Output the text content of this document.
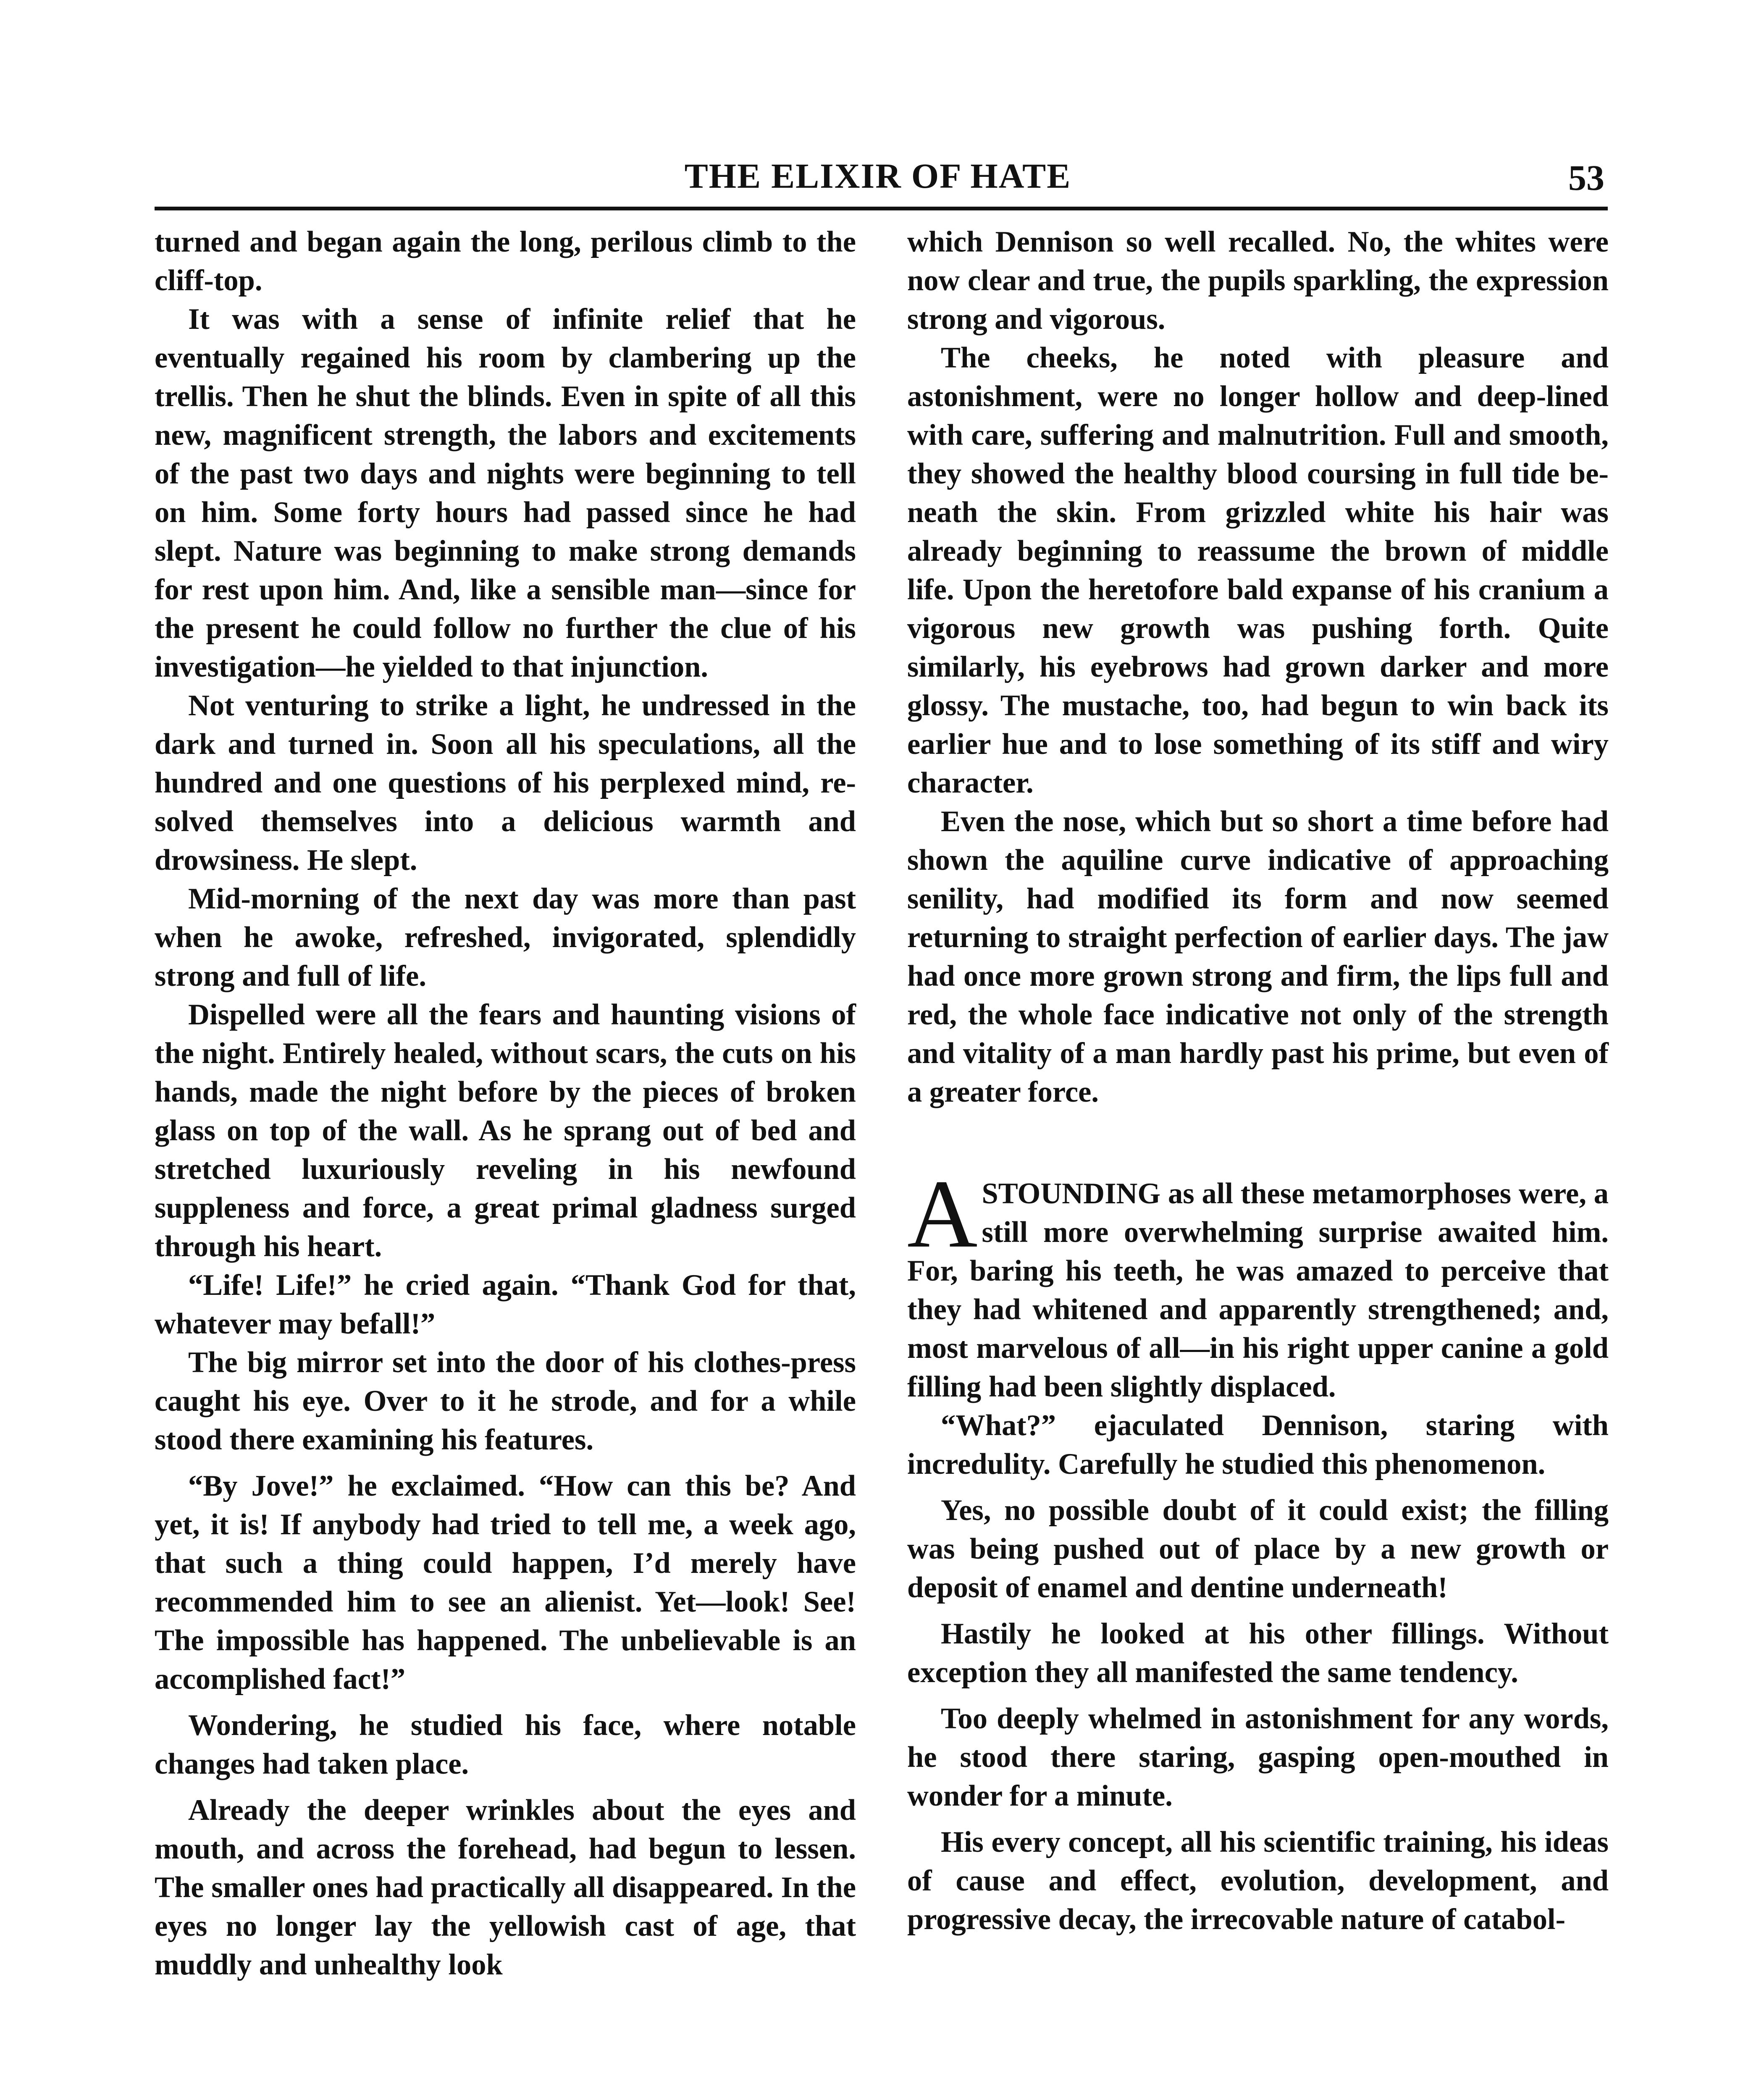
THE ELIXIR OF HATE	53

turned and began again the long, perilous climb to the cliff-top.

It was with a sense of infinite relief that he eventually regained his room by clambering up the trellis. Then he shut the blinds. Even in spite of all this new, magnificent strength, the labors and excitements of the past two days and nights were beginning to tell on him. Some forty hours had passed since he had slept. Nature was beginning to make strong demands for rest upon him. And, like a sensible man—since for the present he could follow no further the clue of his investigation—he yielded to that injunction.

Not venturing to strike a light, he undressed in the dark and turned in. Soon all his speculations, all the hundred and one questions of his perplexed mind, resolved themselves into a delicious warmth and drowsiness. He slept.

Mid-morning of the next day was more than past when he awoke, refreshed, invigorated, splendidly strong and full of life.

Dispelled were all the fears and haunting visions of the night. Entirely healed, without scars, the cuts on his hands, made the night before by the pieces of broken glass on top of the wall. As he sprang out of bed and stretched luxuriously reveling in his newfound suppleness and force, a great primal gladness surged through his heart.

“Life! Life!” he cried again. “Thank God for that, whatever may befall!”

The big mirror set into the door of his clothes-press caught his eye. Over to it he strode, and for a while stood there examining his features.

“By Jove!” he exclaimed. “How can this be? And yet, it is! If anybody had tried to tell me, a week ago, that such a thing could happen, I’d merely have recommended him to see an alienist. Yet—look! See! The impossible has happened. The unbelievable is an accomplished fact!”

Wondering, he studied his face, where notable changes had taken place.

Already the deeper wrinkles about the eyes and mouth, and across the forehead, had begun to lessen. The smaller ones had practically all disappeared. In the eyes no longer lay the yellowish cast of age, that muddly and unhealthy look

which Dennison so well recalled. No, the whites were now clear and true, the pupils sparkling, the expression strong and vigorous.

The cheeks, he noted with pleasure and astonishment, were no longer hollow and deep-lined with care, suffering and malnutrition. Full and smooth, they showed the healthy blood coursing in full tide beneath the skin. From grizzled white his hair was already beginning to reassume the brown of middle life. Upon the heretofore bald expanse of his cranium a vigorous new growth was pushing forth. Quite similarly, his eyebrows had grown darker and more glossy. The mustache, too, had begun to win back its earlier hue and to lose something of its stiff and wiry character.

Even the nose, which but so short a time before had shown the aquiline curve indicative of approaching senility, had modified its form and now seemed returning to straight perfection of earlier days. The jaw had once more grown strong and firm, the lips full and red, the whole face indicative not only of the strength and vitality of a man hardly past his prime, but even of a greater force.

ASTOUNDING as all these metamorphoses were, a still more overwhelming surprise awaited him. For, baring his teeth, he was amazed to perceive that they had whitened and apparently strengthened; and, most marvelous of all—in his right upper canine a gold filling had been slightly displaced.

“What?” ejaculated Dennison, staring with incredulity. Carefully he studied this phenomenon.

Yes, no possible doubt of it could exist; the filling was being pushed out of place by a new growth or deposit of enamel and dentine underneath!

Hastily he looked at his other fillings. Without exception they all manifested the same tendency.

Too deeply whelmed in astonishment for any words, he stood there staring, gasping open-mouthed in wonder for a minute.

His every concept, all his scientific training, his ideas of cause and effect, evolution, development, and progressive decay, the irrecovable nature of catabol-
